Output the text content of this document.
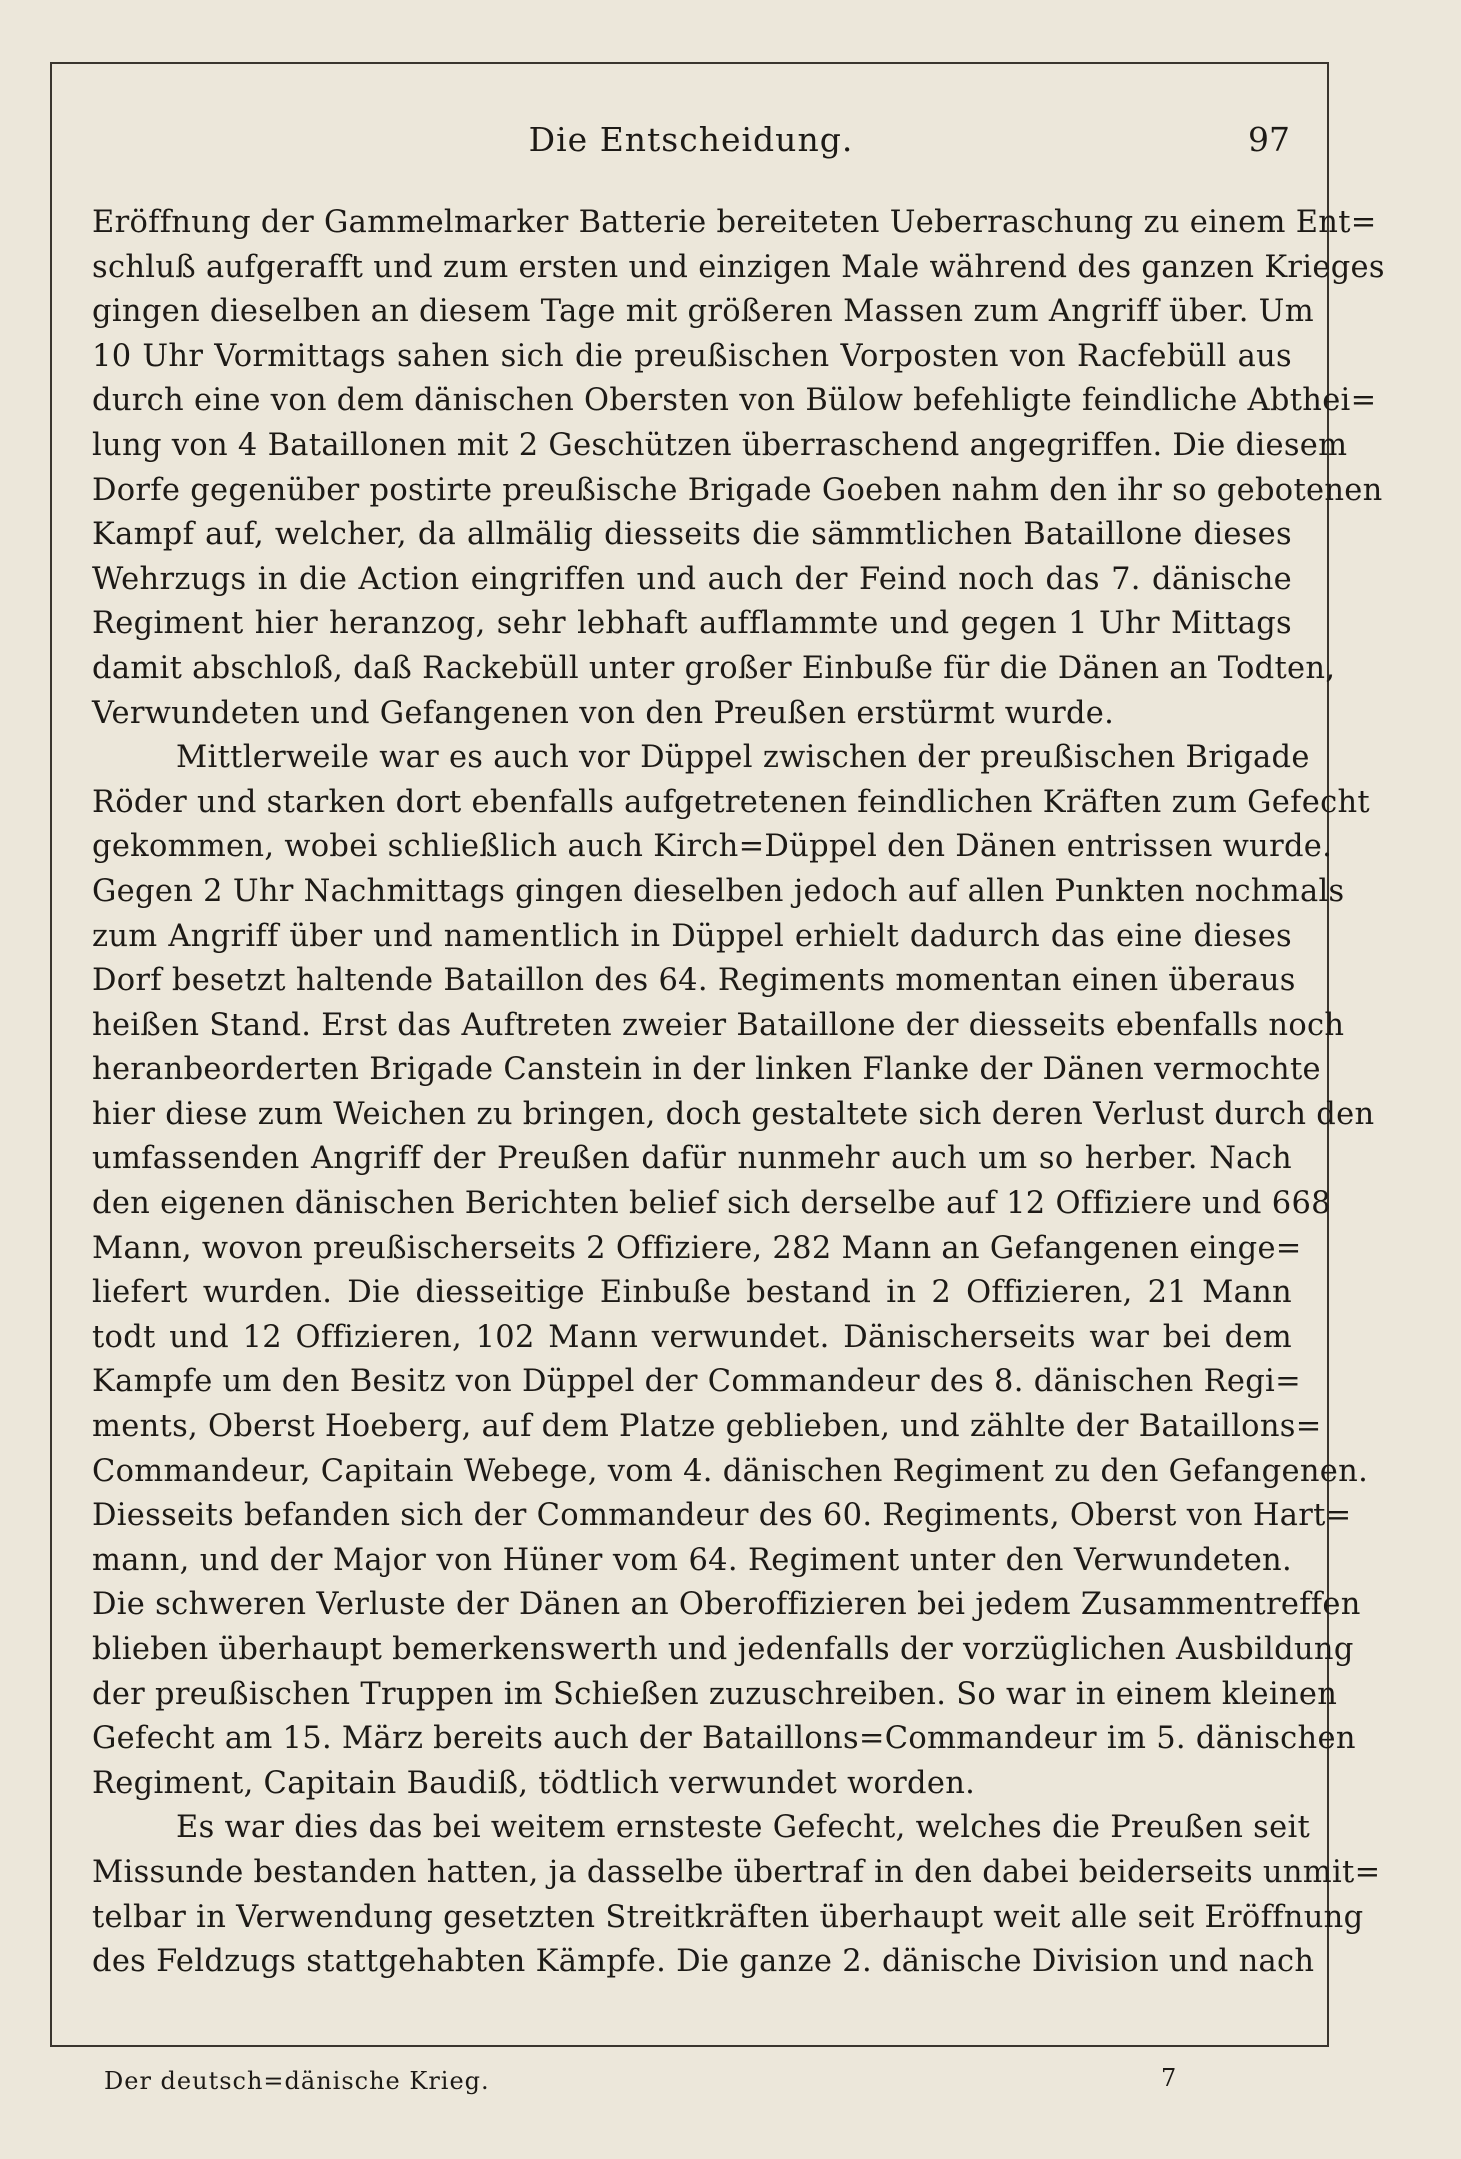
Die Entscheidung.	97
Eröffnung der Gammelmarker Batterie bereiteten Ueberraschung zu einem Ent=
schluß aufgerafft und zum ersten und einzigen Male während des ganzen Krieges
gingen dieselben an diesem Tage mit größeren Massen zum Angriff über. Um
10 Uhr Vormittags sahen sich die preußischen Vorposten von Racfebüll aus
durch eine von dem dänischen Obersten von Bülow befehligte feindliche Abthei=
lung von 4 Bataillonen mit 2 Geschützen überraschend angegriffen. Die diesem
Dorfe gegenüber postirte preußische Brigade Goeben nahm den ihr so gebotenen
Kampf auf, welcher, da allmälig diesseits die sämmtlichen Bataillone dieses
Wehrzugs in die Action eingriffen und auch der Feind noch das 7. dänische
Regiment hier heranzog, sehr lebhaft aufflammte und gegen 1 Uhr Mittags
damit abschloß, daß Rackebüll unter großer Einbuße für die Dänen an Todten,
Verwundeten und Gefangenen von den Preußen erstürmt wurde.
Mittlerweile war es auch vor Düppel zwischen der preußischen Brigade
Röder und starken dort ebenfalls aufgetretenen feindlichen Kräften zum Gefecht
gekommen, wobei schließlich auch Kirch=Düppel den Dänen entrissen wurde.
Gegen 2 Uhr Nachmittags gingen dieselben jedoch auf allen Punkten nochmals
zum Angriff über und namentlich in Düppel erhielt dadurch das eine dieses
Dorf besetzt haltende Bataillon des 64. Regiments momentan einen überaus
heißen Stand. Erst das Auftreten zweier Bataillone der diesseits ebenfalls noch
heranbeorderten Brigade Canstein in der linken Flanke der Dänen vermochte
hier diese zum Weichen zu bringen, doch gestaltete sich deren Verlust durch den
umfassenden Angriff der Preußen dafür nunmehr auch um so herber. Nach
den eigenen dänischen Berichten belief sich derselbe auf 12 Offiziere und 668
Mann, wovon preußischerseits 2 Offiziere, 282 Mann an Gefangenen einge=
liefert wurden. Die diesseitige Einbuße bestand in 2 Offizieren, 21 Mann
todt und 12 Offizieren, 102 Mann verwundet. Dänischerseits war bei dem
Kampfe um den Besitz von Düppel der Commandeur des 8. dänischen Regi=
ments, Oberst Hoeberg, auf dem Platze geblieben, und zählte der Bataillons=
Commandeur, Capitain Webege, vom 4. dänischen Regiment zu den Gefangenen.
Diesseits befanden sich der Commandeur des 60. Regiments, Oberst von Hart=
mann, und der Major von Hüner vom 64. Regiment unter den Verwundeten.
Die schweren Verluste der Dänen an Oberoffizieren bei jedem Zusammentreffen
blieben überhaupt bemerkenswerth und jedenfalls der vorzüglichen Ausbildung
der preußischen Truppen im Schießen zuzuschreiben. So war in einem kleinen
Gefecht am 15. März bereits auch der Bataillons=Commandeur im 5. dänischen
Regiment, Capitain Baudiß, tödtlich verwundet worden.
Es war dies das bei weitem ernsteste Gefecht, welches die Preußen seit
Missunde bestanden hatten, ja dasselbe übertraf in den dabei beiderseits unmit=
telbar in Verwendung gesetzten Streitkräften überhaupt weit alle seit Eröffnung
des Feldzugs stattgehabten Kämpfe. Die ganze 2. dänische Division und nach
Der deutsch=dänische Krieg.	7
